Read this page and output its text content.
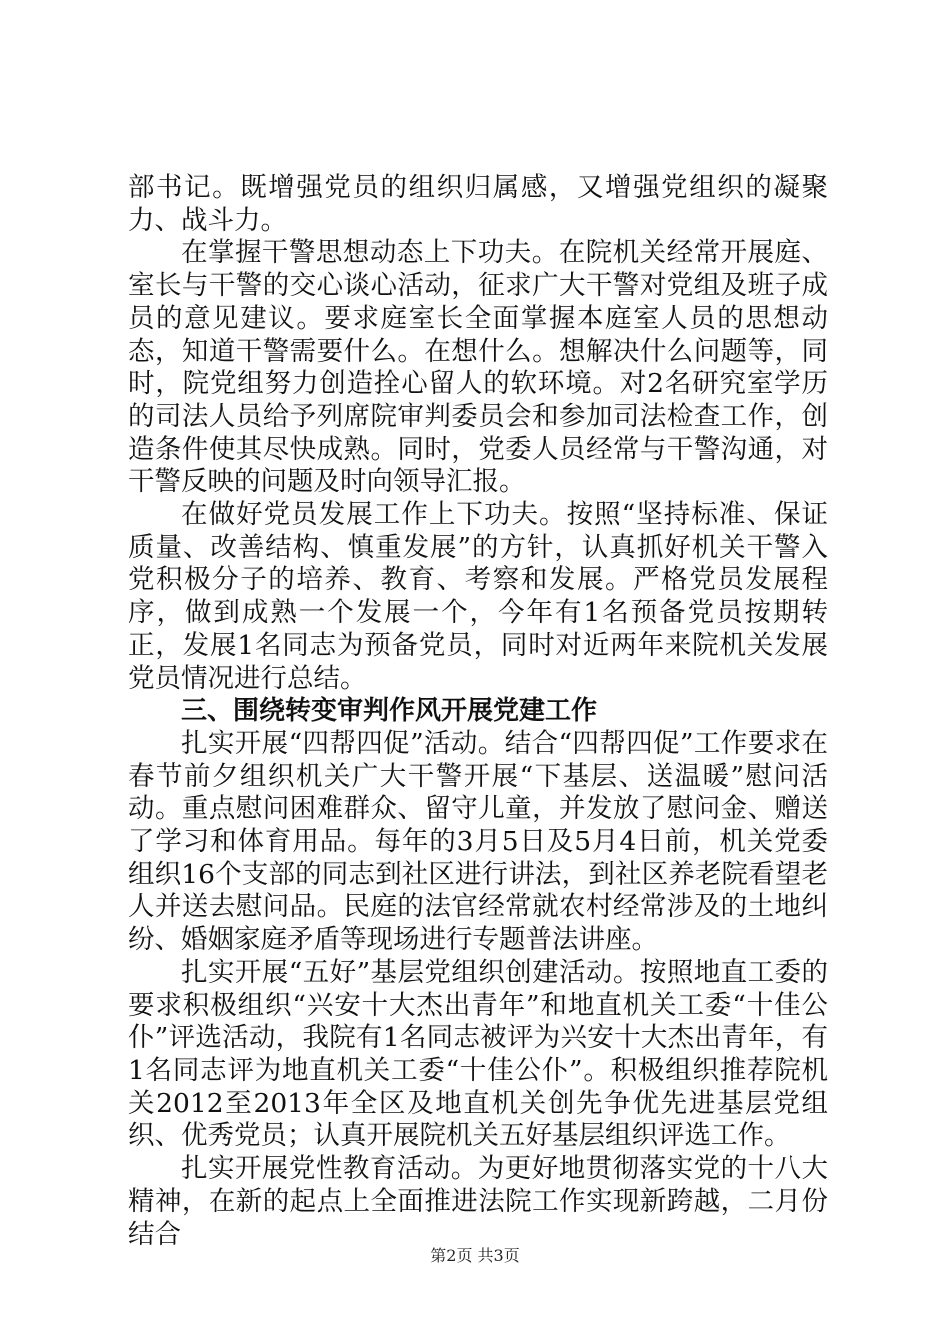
部书记。既增强党员的组织归属感，又增强党组织的凝聚力、战斗力。

在掌握干警思想动态上下功夫。在院机关经常开展庭、室长与干警的交心谈心活动，征求广大干警对党组及班子成员的意见建议。要求庭室长全面掌握本庭室人员的思想动态，知道干警需要什么。在想什么。想解决什么问题等，同时，院党组努力创造拴心留人的软环境。对2名研究室学历的司法人员给予列席院审判委员会和参加司法检查工作，创造条件使其尽快成熟。同时，党委人员经常与干警沟通，对干警反映的问题及时向领导汇报。

在做好党员发展工作上下功夫。按照“坚持标准、保证质量、改善结构、慎重发展”的方针，认真抓好机关干警入党积极分子的培养、教育、考察和发展。严格党员发展程序，做到成熟一个发展一个，今年有1名预备党员按期转正，发展1名同志为预备党员，同时对近两年来院机关发展党员情况进行总结。

三、围绕转变审判作风开展党建工作

扎实开展“四帮四促”活动。结合“四帮四促”工作要求在春节前夕组织机关广大干警开展“下基层、送温暖”慰问活动。重点慰问困难群众、留守儿童，并发放了慰问金、赠送了学习和体育用品。每年的3月5日及5月4日前，机关党委组织16个支部的同志到社区进行讲法，到社区养老院看望老人并送去慰问品。民庭的法官经常就农村经常涉及的土地纠纷、婚姻家庭矛盾等现场进行专题普法讲座。

扎实开展“五好”基层党组织创建活动。按照地直工委的要求积极组织“兴安十大杰出青年”和地直机关工委“十佳公仆”评选活动，我院有1名同志被评为兴安十大杰出青年，有1名同志评为地直机关工委“十佳公仆”。积极组织推荐院机关2012至2013年全区及地直机关创先争优先进基层党组织、优秀党员；认真开展院机关五好基层组织评选工作。

扎实开展党性教育活动。为更好地贯彻落实党的十八大精神，在新的起点上全面推进法院工作实现新跨越，二月份结合

第2页 共3页
